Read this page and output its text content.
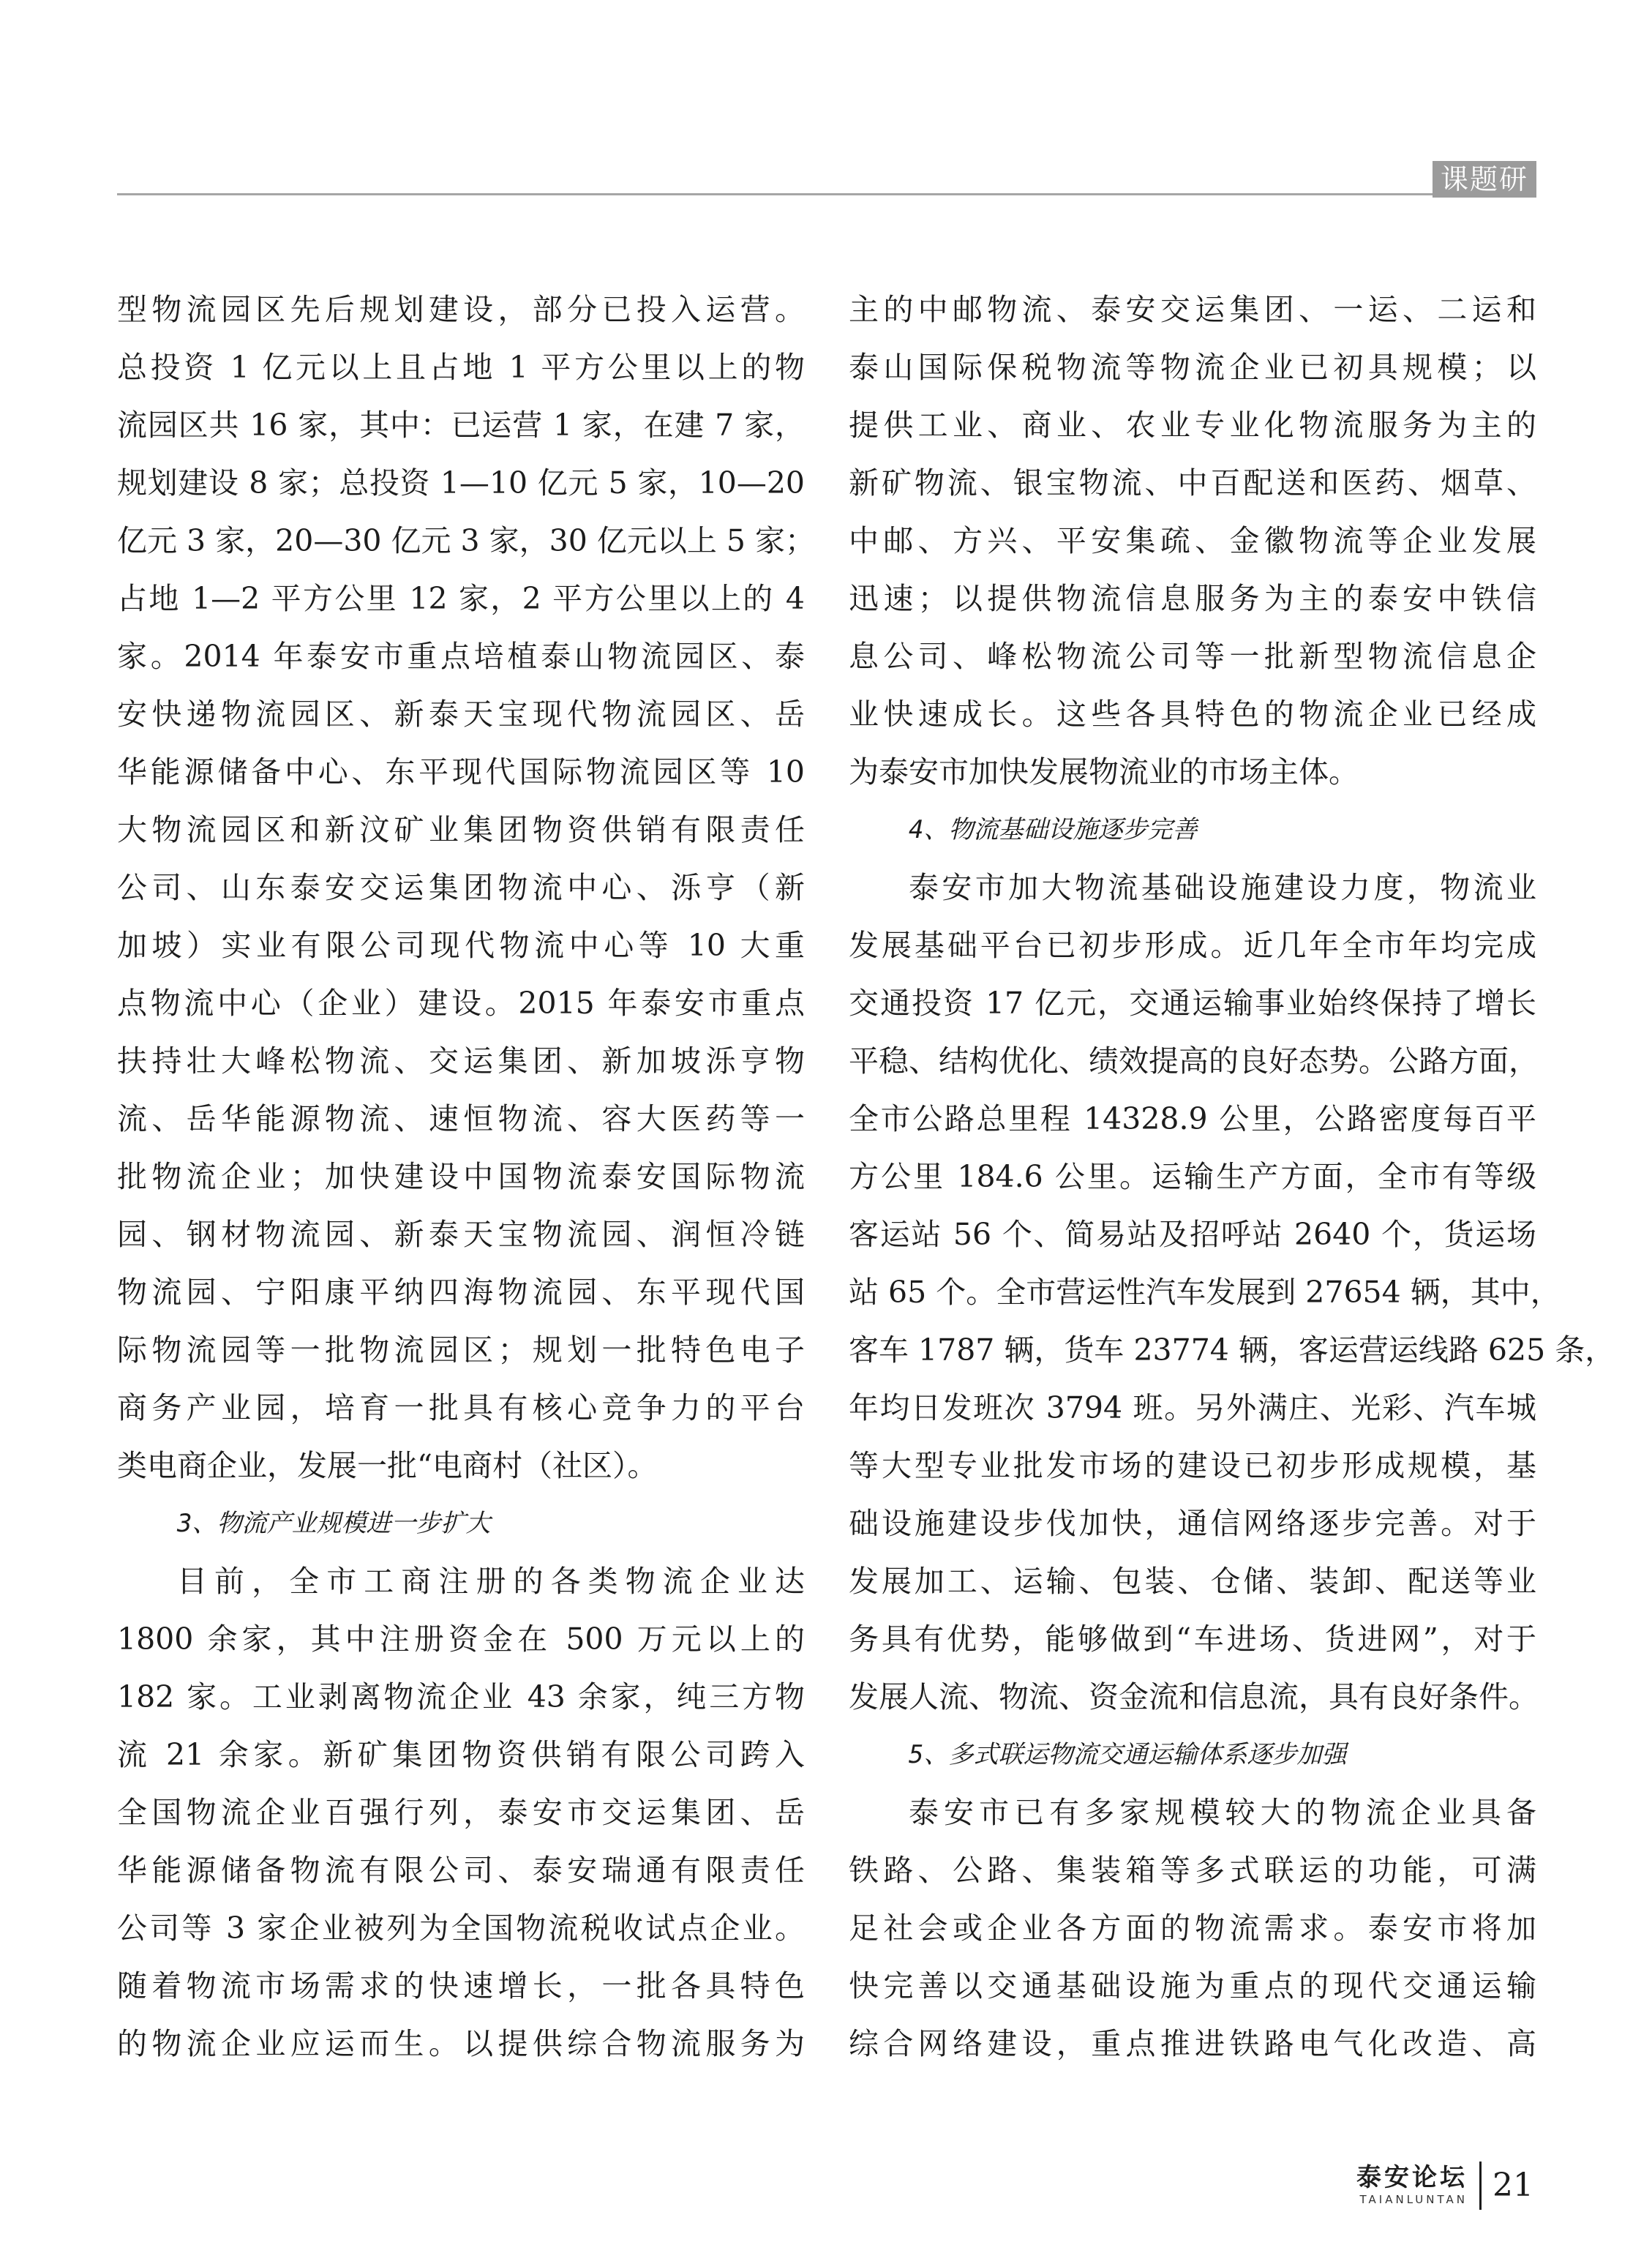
课题研究
型物流园区先后规划建设，部分已投入运营。
总投资 1 亿元以上且占地 1 平方公里以上的物
流园区共 16 家，其中：已运营 1 家，在建 7 家，
规划建设 8 家；总投资 1—10 亿元 5 家，10—20
亿元 3 家，20—30 亿元 3 家，30 亿元以上 5 家；
占地 1—2 平方公里 12 家，2 平方公里以上的 4
家。2014 年泰安市重点培植泰山物流园区、泰
安快递物流园区、新泰天宝现代物流园区、岳
华能源储备中心、东平现代国际物流园区等 10
大物流园区和新汶矿业集团物资供销有限责任
公司、山东泰安交运集团物流中心、泺亨（新
加坡）实业有限公司现代物流中心等 10 大重
点物流中心（企业）建设。2015 年泰安市重点
扶持壮大峰松物流、交运集团、新加坡泺亨物
流、岳华能源物流、速恒物流、容大医药等一
批物流企业；加快建设中国物流泰安国际物流
园、钢材物流园、新泰天宝物流园、润恒冷链
物流园、宁阳康平纳四海物流园、东平现代国
际物流园等一批物流园区；规划一批特色电子
商务产业园，培育一批具有核心竞争力的平台
类电商企业，发展一批“电商村（社区）。
3、物流产业规模进一步扩大
目前，全市工商注册的各类物流企业达
1800 余家，其中注册资金在 500 万元以上的
182 家。工业剥离物流企业 43 余家，纯三方物
流 21 余家。新矿集团物资供销有限公司跨入
全国物流企业百强行列，泰安市交运集团、岳
华能源储备物流有限公司、泰安瑞通有限责任
公司等 3 家企业被列为全国物流税收试点企业。
随着物流市场需求的快速增长，一批各具特色
的物流企业应运而生。以提供综合物流服务为
主的中邮物流、泰安交运集团、一运、二运和
泰山国际保税物流等物流企业已初具规模；以
提供工业、商业、农业专业化物流服务为主的
新矿物流、银宝物流、中百配送和医药、烟草、
中邮、方兴、平安集疏、金徽物流等企业发展
迅速；以提供物流信息服务为主的泰安中铁信
息公司、峰松物流公司等一批新型物流信息企
业快速成长。这些各具特色的物流企业已经成
为泰安市加快发展物流业的市场主体。
4、物流基础设施逐步完善
泰安市加大物流基础设施建设力度，物流业
发展基础平台已初步形成。近几年全市年均完成
交通投资 17 亿元，交通运输事业始终保持了增长
平稳、结构优化、绩效提高的良好态势。公路方面，
全市公路总里程 14328.9 公里，公路密度每百平
方公里 184.6 公里。运输生产方面，全市有等级
客运站 56 个、简易站及招呼站 2640 个，货运场
站 65 个。全市营运性汽车发展到 27654 辆，其中，
客车 1787 辆，货车 23774 辆，客运营运线路 625 条，
年均日发班次 3794 班。另外满庄、光彩、汽车城
等大型专业批发市场的建设已初步形成规模，基
础设施建设步伐加快，通信网络逐步完善。对于
发展加工、运输、包装、仓储、装卸、配送等业
务具有优势，能够做到“车进场、货进网”，对于
发展人流、物流、资金流和信息流，具有良好条件。
5、多式联运物流交通运输体系逐步加强
泰安市已有多家规模较大的物流企业具备
铁路、公路、集装箱等多式联运的功能，可满
足社会或企业各方面的物流需求。泰安市将加
快完善以交通基础设施为重点的现代交通运输
综合网络建设，重点推进铁路电气化改造、高
泰安论坛
TAIANLUNTAN 21
